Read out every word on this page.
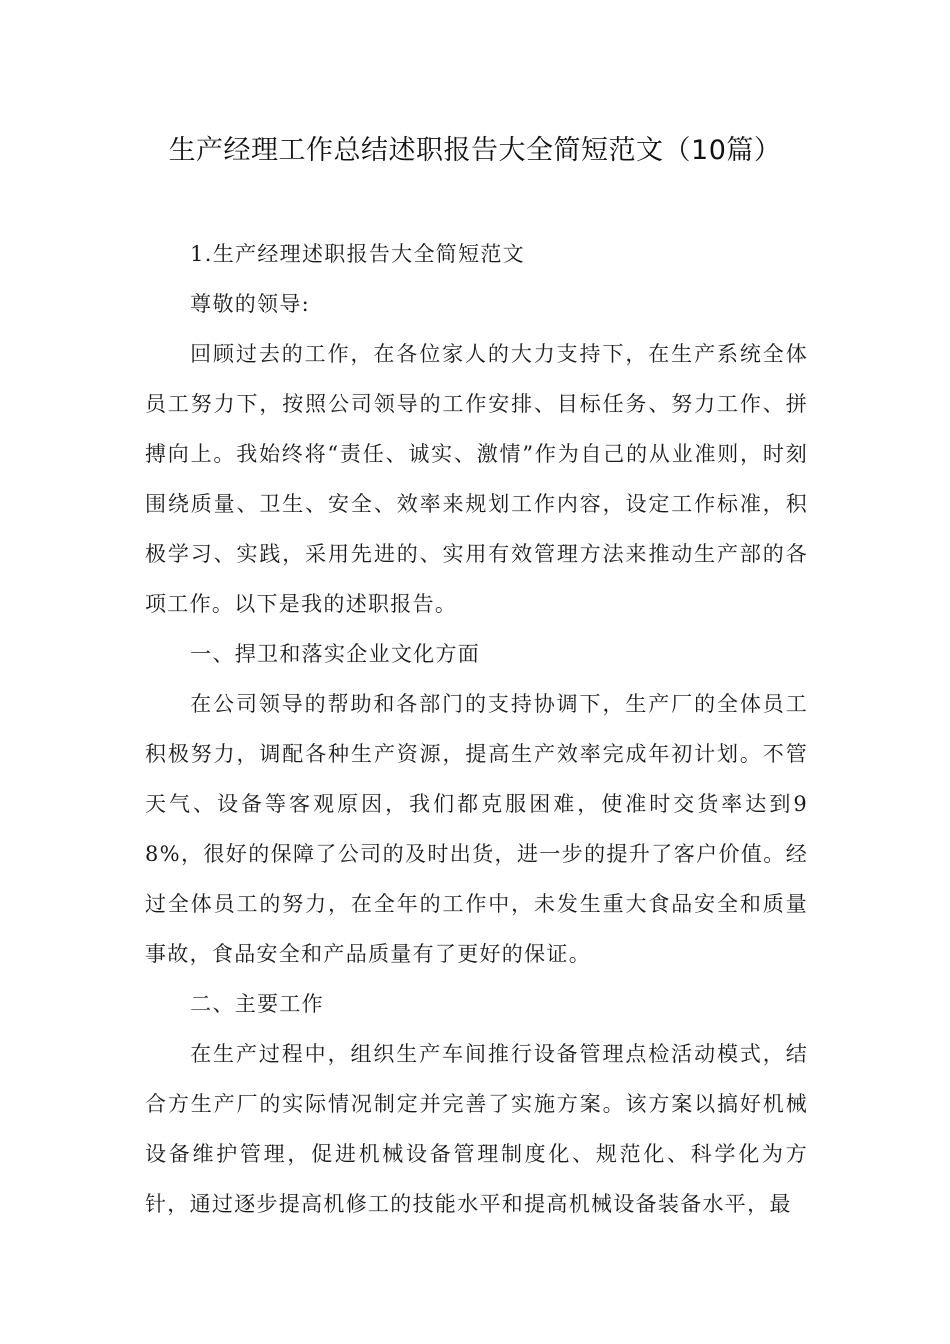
生产经理工作总结述职报告大全简短范文（10篇）

1.生产经理述职报告大全简短范文

尊敬的领导:

回顾过去的工作，在各位家人的大力支持下，在生产系统全体员工努力下，按照公司领导的工作安排、目标任务、努力工作、拼搏向上。我始终将“责任、诚实、激情”作为自己的从业准则，时刻围绕质量、卫生、安全、效率来规划工作内容，设定工作标准，积极学习、实践，采用先进的、实用有效管理方法来推动生产部的各项工作。以下是我的述职报告。

一、捍卫和落实企业文化方面

在公司领导的帮助和各部门的支持协调下，生产厂的全体员工积极努力，调配各种生产资源，提高生产效率完成年初计划。不管天气、设备等客观原因，我们都克服困难，使准时交货率达到98%，很好的保障了公司的及时出货，进一步的提升了客户价值。经过全体员工的努力，在全年的工作中，未发生重大食品安全和质量事故，食品安全和产品质量有了更好的保证。

二、主要工作

在生产过程中，组织生产车间推行设备管理点检活动模式，结合方生产厂的实际情况制定并完善了实施方案。该方案以搞好机械设备维护管理，促进机械设备管理制度化、规范化、科学化为方针，通过逐步提高机修工的技能水平和提高机械设备装备水平，最
